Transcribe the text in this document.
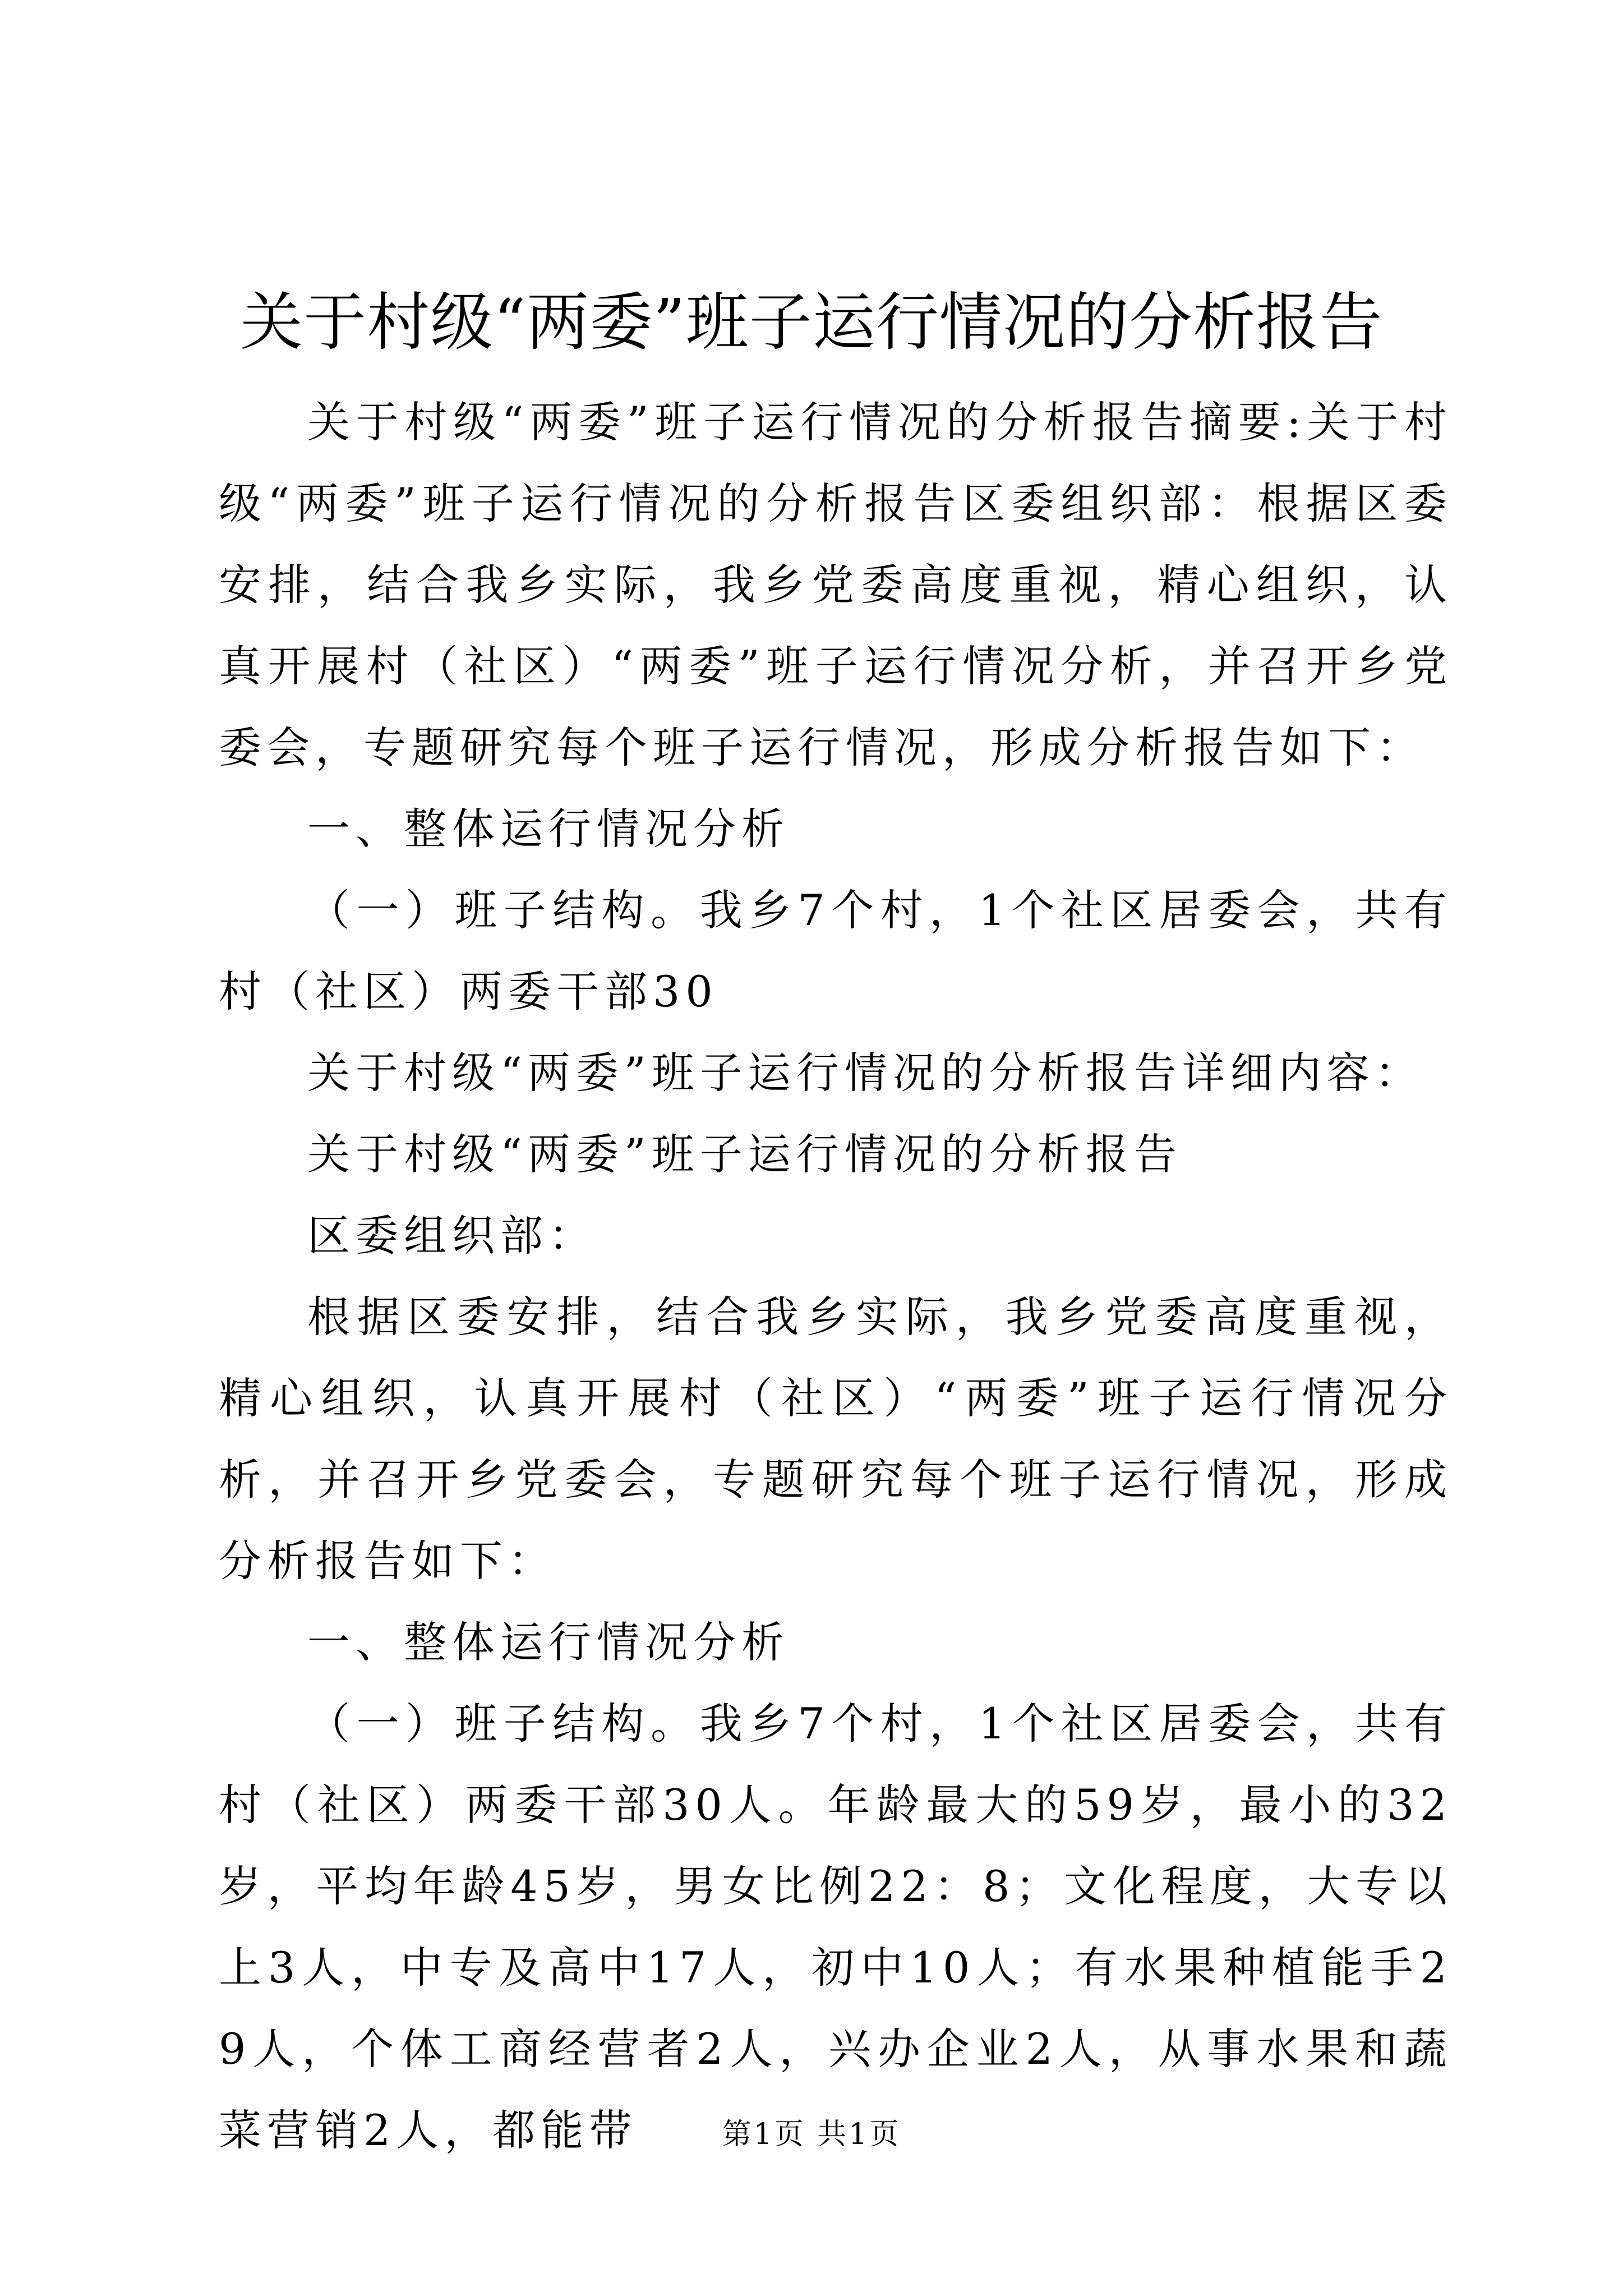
关于村级“两委”班子运行情况的分析报告

关于村级“两委”班子运行情况的分析报告摘要:关于村级“两委”班子运行情况的分析报告区委组织部：根据区委安排，结合我乡实际，我乡党委高度重视，精心组织，认真开展村（社区）“两委”班子运行情况分析，并召开乡党委会，专题研究每个班子运行情况，形成分析报告如下：

一、整体运行情况分析

（一）班子结构。我乡7个村，1个社区居委会，共有村（社区）两委干部30

关于村级“两委”班子运行情况的分析报告详细内容：

关于村级“两委”班子运行情况的分析报告

区委组织部：

根据区委安排，结合我乡实际，我乡党委高度重视，精心组织，认真开展村（社区）“两委”班子运行情况分析，并召开乡党委会，专题研究每个班子运行情况，形成分析报告如下：

一、整体运行情况分析

（一）班子结构。我乡7个村，1个社区居委会，共有村（社区）两委干部30人。年龄最大的59岁，最小的32岁，平均年龄45岁，男女比例22：8；文化程度，大专以上3人，中专及高中17人，初中10人；有水果种植能手29人，个体工商经营者2人，兴办企业2人，从事水果和蔬菜营销2人，都能带	第1页 共1页
